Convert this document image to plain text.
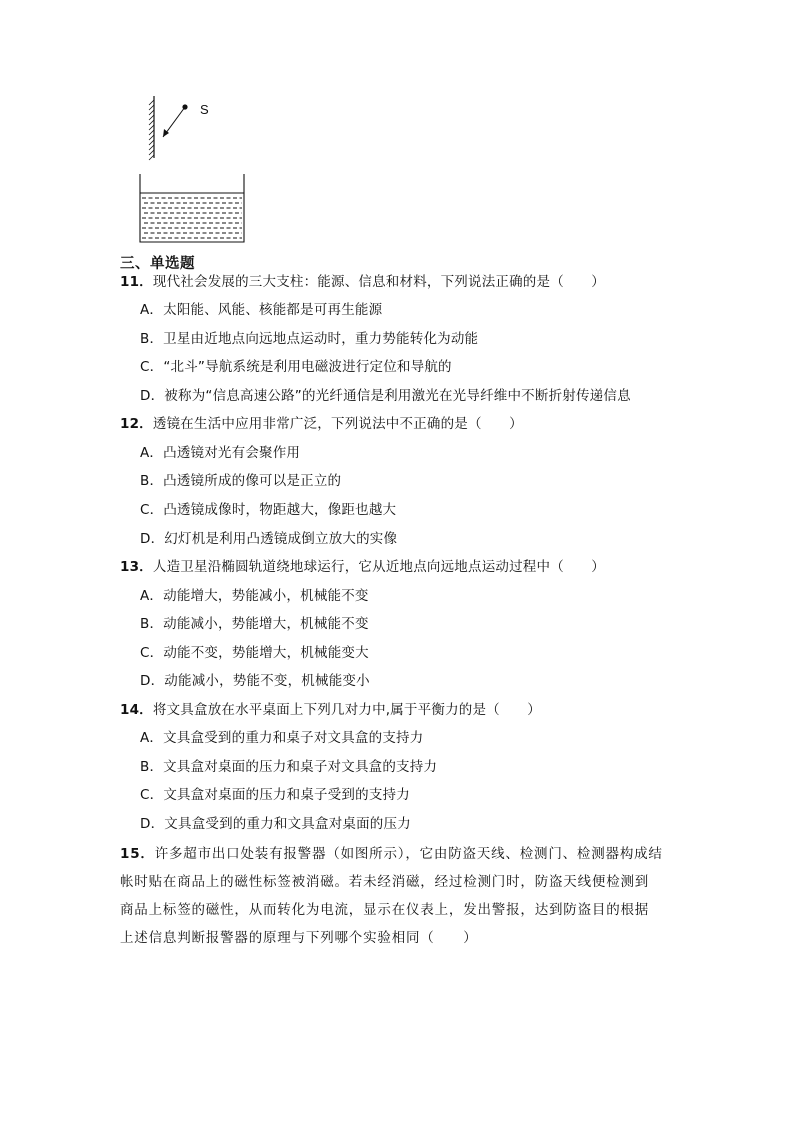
S
三、单选题
11．现代社会发展的三大支柱：能源、信息和材料，下列说法正确的是（　　）
A．太阳能、风能、核能都是可再生能源
B．卫星由近地点向远地点运动时，重力势能转化为动能
C．“北斗”导航系统是利用电磁波进行定位和导航的
D．被称为“信息高速公路”的光纤通信是利用激光在光导纤维中不断折射传递信息
12．透镜在生活中应用非常广泛，下列说法中不正确的是（　　）
A．凸透镜对光有会聚作用
B．凸透镜所成的像可以是正立的
C．凸透镜成像时，物距越大，像距也越大
D．幻灯机是利用凸透镜成倒立放大的实像
13．人造卫星沿椭圆轨道绕地球运行，它从近地点向远地点运动过程中（　　）
A．动能增大，势能减小，机械能不变
B．动能减小，势能增大，机械能不变
C．动能不变，势能增大，机械能变大
D．动能减小，势能不变，机械能变小
14．将文具盒放在水平桌面上下列几对力中,属于平衡力的是（　　）
A．文具盒受到的重力和桌子对文具盒的支持力
B．文具盒对桌面的压力和桌子对文具盒的支持力
C．文具盒对桌面的压力和桌子受到的支持力
D．文具盒受到的重力和文具盒对桌面的压力
15．许多超市出口处装有报警器（如图所示），它由防盗天线、检测门、检测器构成结
帐时贴在商品上的磁性标签被消磁。若未经消磁，经过检测门时，防盗天线便检测到
商品上标签的磁性，从而转化为电流，显示在仪表上，发出警报，达到防盗目的根据
上述信息判断报警器的原理与下列哪个实验相同（　　）
